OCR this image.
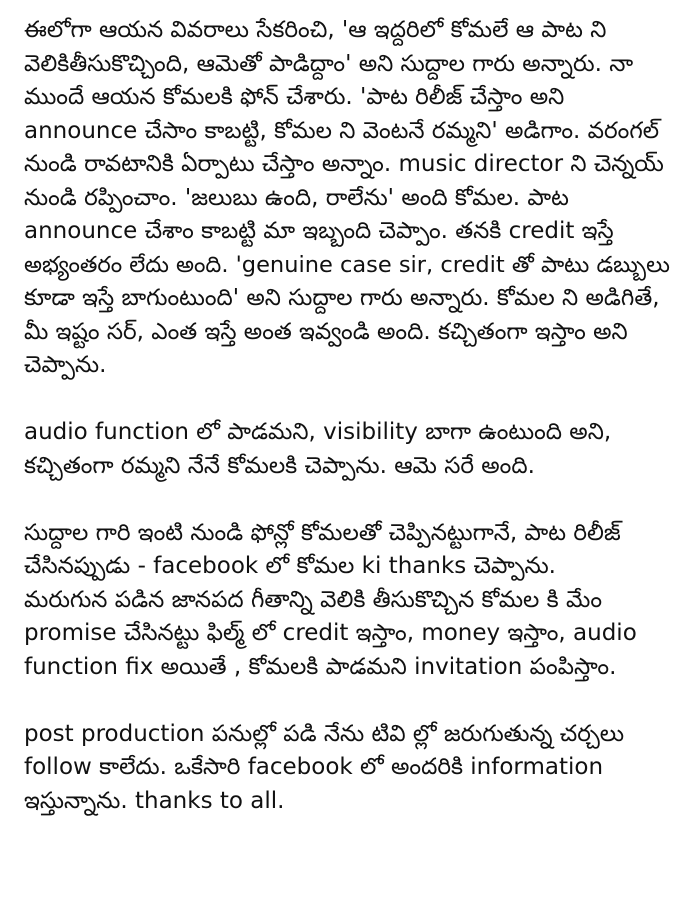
ఈలోగా ఆయన వివరాలు సేకరించి, 'ఆ ఇద్దరిలో కోమలే ఆ పాట ని
వెలికితీసుకొచ్చింది, ఆమెతో పాడిద్దాం' అని సుద్దాల గారు అన్నారు. నా
ముందే ఆయన కోమలకి ఫోన్ చేశారు. 'పాట రిలీజ్ చేస్తాం అని
announce చేసాం కాబట్టి, కోమల ని వెంటనే రమ్మని' అడిగాం. వరంగల్
నుండి రావటానికి ఏర్పాటు చేస్తాం అన్నాం. music director ని చెన్నయ్
నుండి రప్పించాం. 'జలుబు ఉంది, రాలేను' అంది కోమల. పాట
announce చేశాం కాబట్టి మా ఇబ్బంది చెప్పాం. తనకి credit ఇస్తే
అభ్యంతరం లేదు అంది. 'genuine case sir, credit తో పాటు డబ్బులు
కూడా ఇస్తే బాగుంటుంది' అని సుద్దాల గారు అన్నారు. కోమల ని అడిగితే,
మీ ఇష్టం సర్, ఎంత ఇస్తే అంత ఇవ్వండి అంది. కచ్చితంగా ఇస్తాం అని
చెప్పాను.

audio function లో పాడమని, visibility బాగా ఉంటుంది అని,
కచ్చితంగా రమ్మని నేనే కోమలకి చెప్పాను. ఆమె సరే అంది.

సుద్దాల గారి ఇంటి నుండి ఫోన్లో కోమలతో చెప్పినట్టుగానే, పాట రిలీజ్
చేసినప్పుడు - facebook లో కోమల ki thanks చెప్పాను.
మరుగున పడిన జానపద గీతాన్ని వెలికి తీసుకొచ్చిన కోమల కి మేం
promise చేసినట్టు ఫిల్మ్ లో credit ఇస్తాం, money ఇస్తాం, audio
function fix అయితే , కోమలకి పాడమని invitation పంపిస్తాం.

post production పనుల్లో పడి నేను టివి ల్లో జరుగుతున్న చర్చలు
follow కాలేదు. ఒకేసారి facebook లో అందరికి information
ఇస్తున్నాను. thanks to all.
